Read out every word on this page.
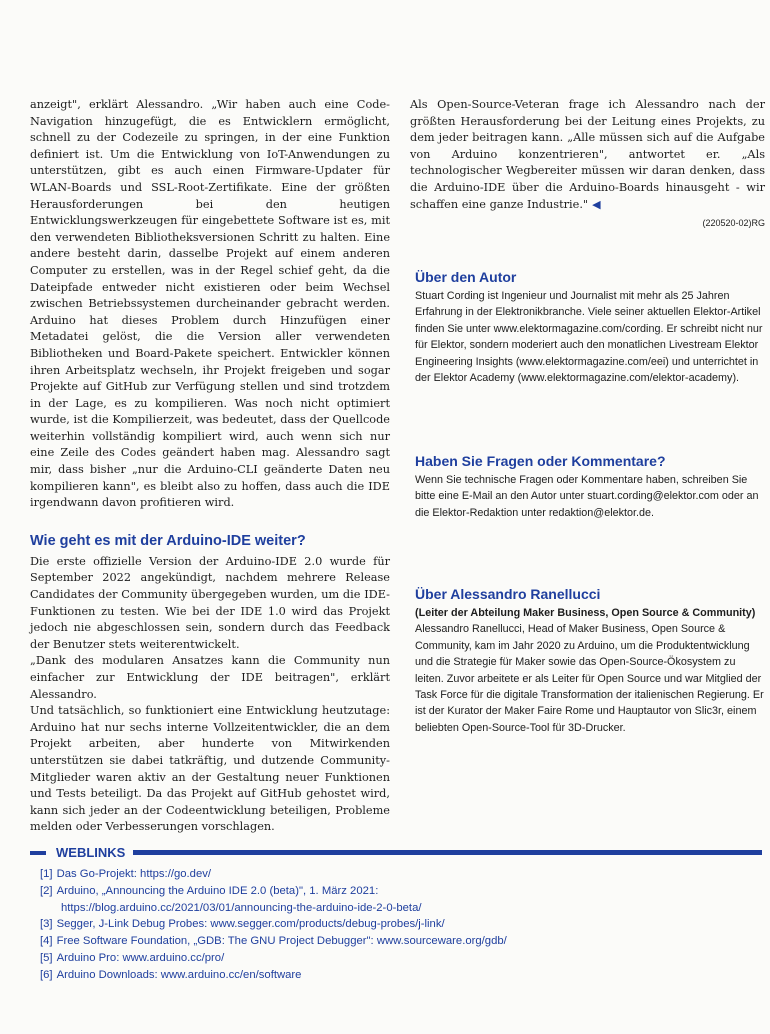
anzeigt", erklärt Alessandro. „Wir haben auch eine Code-Navigation hinzugefügt, die es Entwicklern ermöglicht, schnell zu der Codezeile zu springen, in der eine Funktion definiert ist. Um die Entwicklung von IoT-Anwendungen zu unterstützen, gibt es auch einen Firmware-Updater für WLAN-Boards und SSL-Root-Zertifikate. Eine der größten Herausforderungen bei den heutigen Entwicklungswerkzeugen für eingebettete Software ist es, mit den verwendeten Bibliotheksversionen Schritt zu halten. Eine andere besteht darin, dasselbe Projekt auf einem anderen Computer zu erstellen, was in der Regel schief geht, da die Dateipfade entweder nicht existieren oder beim Wechsel zwischen Betriebssystemen durcheinander gebracht werden. Arduino hat dieses Problem durch Hinzufügen einer Metadatei gelöst, die die Version aller verwendeten Bibliotheken und Board-Pakete speichert. Entwickler können ihren Arbeitsplatz wechseln, ihr Projekt freigeben und sogar Projekte auf GitHub zur Verfügung stellen und sind trotzdem in der Lage, es zu kompilieren. Was noch nicht optimiert wurde, ist die Kompilierzeit, was bedeutet, dass der Quellcode weiterhin vollständig kompiliert wird, auch wenn sich nur eine Zeile des Codes geändert haben mag. Alessandro sagt mir, dass bisher „nur die Arduino-CLI geänderte Daten neu kompilieren kann", es bleibt also zu hoffen, dass auch die IDE irgendwann davon profitieren wird.

Wie geht es mit der Arduino-IDE weiter?

Die erste offizielle Version der Arduino-IDE 2.0 wurde für September 2022 angekündigt, nachdem mehrere Release Candidates der Community übergegeben wurden, um die IDE-Funktionen zu testen. Wie bei der IDE 1.0 wird das Projekt jedoch nie abgeschlossen sein, sondern durch das Feedback der Benutzer stets weiterentwickelt.

„Dank des modularen Ansatzes kann die Community nun einfacher zur Entwicklung der IDE beitragen", erklärt Alessandro.

Und tatsächlich, so funktioniert eine Entwicklung heutzutage: Arduino hat nur sechs interne Vollzeitentwickler, die an dem Projekt arbeiten, aber hunderte von Mitwirkenden unterstützen sie dabei tatkräftig, und dutzende Community-Mitglieder waren aktiv an der Gestaltung neuer Funktionen und Tests beteiligt. Da das Projekt auf GitHub gehostet wird, kann sich jeder an der Codeentwicklung beteiligen, Probleme melden oder Verbesserungen vorschlagen.

Als Open-Source-Veteran frage ich Alessandro nach der größten Herausforderung bei der Leitung eines Projekts, zu dem jeder beitragen kann. „Alle müssen sich auf die Aufgabe von Arduino konzentrieren", antwortet er. „Als technologischer Wegbereiter müssen wir daran denken, dass die Arduino-IDE über die Arduino-Boards hinausgeht - wir schaffen eine ganze Industrie." ◀

(220520-02)RG
Über den Autor

Stuart Cording ist Ingenieur und Journalist mit mehr als 25 Jahren Erfahrung in der Elektronikbranche. Viele seiner aktuellen Elektor-Artikel finden Sie unter www.elektormagazine.com/cording. Er schreibt nicht nur für Elektor, sondern moderiert auch den monatlichen Livestream Elektor Engineering Insights (www.elektormagazine.com/eei) und unterrichtet in der Elektor Academy (www.elektormagazine.com/elektor-academy).

Haben Sie Fragen oder Kommentare?

Wenn Sie technische Fragen oder Kommentare haben, schreiben Sie bitte eine E-Mail an den Autor unter stuart.cording@elektor.com oder an die Elektor-Redaktion unter redaktion@elektor.de.

Über Alessandro Ranellucci

(Leiter der Abteilung Maker Business, Open Source & Community)

Alessandro Ranellucci, Head of Maker Business, Open Source & Community, kam im Jahr 2020 zu Arduino, um die Produktentwicklung und die Strategie für Maker sowie das Open-Source-Ökosystem zu leiten. Zuvor arbeitete er als Leiter für Open Source und war Mitglied der Task Force für die digitale Transformation der italienischen Regierung. Er ist der Kurator der Maker Faire Rome und Hauptautor von Slic3r, einem beliebten Open-Source-Tool für 3D-Drucker.

WEBLINKS
[1] Das Go-Projekt: https://go.dev/
[2] Arduino, „Announcing the Arduino IDE 2.0 (beta)", 1. März 2021:
https://blog.arduino.cc/2021/03/01/announcing-the-arduino-ide-2-0-beta/
[3] Segger, J-Link Debug Probes: www.segger.com/products/debug-probes/j-link/
[4] Free Software Foundation, „GDB: The GNU Project Debugger": www.sourceware.org/gdb/
[5] Arduino Pro: www.arduino.cc/pro/
[6] Arduino Downloads: www.arduino.cc/en/software
